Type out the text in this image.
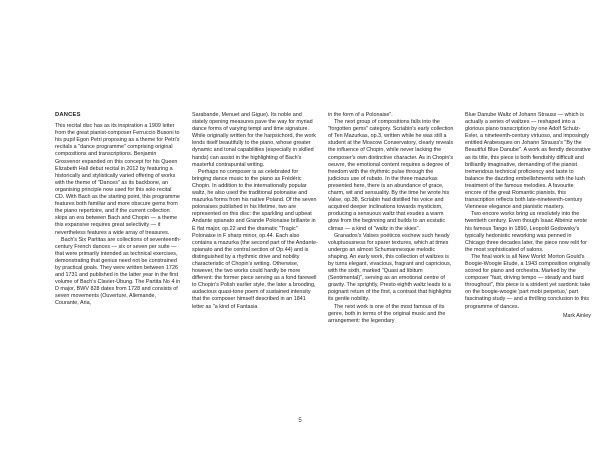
DANCES

This recital disc has as its inspiration a 1909 letter from the great pianist-composer Ferruccio Busoni to his pupil Egon Petri proposing as a theme for Petri's recitals a "dance programme" comprising original compositions and transcriptions. Benjamin Grosvenor expanded on this concept for his Queen Elizabeth Hall debut recital in 2012 by featuring a historically and stylistically varied offering of works with the theme of "Dances" as its backbone, an organising principle now used for this solo recital CD. With Bach as the starting point, this programme features both familiar and more obscure gems from the piano repertoire, and if the current collection skips an era between Bach and Chopin — a theme this expansive requires great selectivity — it nevertheless features a wide array of treasures.

Bach's Six Partitas are collections of seventeenth-century French dances — six or seven per suite — that were primarily intended as technical exercises, demonstrating that genius need not be constrained by practical goals. They were written between 1726 and 1731 and published in the latter year in the first volume of Bach's Clavier-Übung. The Partita No 4 in D major, BWV 828 dates from 1728 and consists of seven movements (Ouverture, Allemande, Courante, Aria,

Sarabande, Menuet and Gigue). Its noble and stately opening measures pave the way for myriad dance forms of varying tempi and time signature. While originally written for the harpsichord, the work lends itself beautifully to the piano, whose greater dynamic and tonal capabilities (especially in skilled hands) can assist in the highlighting of Bach's masterful contrapuntal writing.

Perhaps no composer is as celebrated for bringing dance music to the piano as Frédéric Chopin. In addition to the internationally popular waltz, he also used the traditional polonaise and mazurka forms from his native Poland. Of the seven polonaises published in his lifetime, two are represented on this disc: the sparkling and upbeat Andante spianato and Grande Polonaise brillante in E flat major, op.22 and the dramatic "Tragic" Polonaise in F sharp minor, op.44. Each also contains a mazurka (the second part of the Andante-spianato and the central section of Op.44) and is distinguished by a rhythmic drive and nobility characteristic of Chopin's writing. Otherwise, however, the two works could hardly be more different: the former piece serving as a fond farewell to Chopin's Polish earlier style, the later a brooding, audacious quasi-tone poem of sustained intensity that the composer himself described in an 1841 letter as "a kind of Fantasia

in the form of a Polonaise".

The next group of compositions falls into the "forgotten gems" category. Scriabin's early collection of Ten Mazurkas, op.3, written while he was still a student at the Moscow Conservatory, clearly reveals the influence of Chopin, while never lacking the composer's own distinctive character. As in Chopin's oeuvre, the emotional content requires a degree of freedom with the rhythmic pulse through the judicious use of rubato. In the three mazurkas presented here, there is an abundance of grace, charm, wit and sensuality. By the time he wrote his Valse, op.38, Scriabin had distilled his voice and acquired deeper inclinations towards mysticism, producing a sensuous waltz that exudes a warm glow from the beginning and builds to an ecstatic climax — a kind of "waltz in the skies".

Granados's Valses poéticos eschew such heady voluptuousness for sparer textures, which at times undergo an almost Schumannesque melodic shaping. An early work, this collection of waltzes is by turns elegant, vivacious, fragrant and capricious, with the sixth, marked "Quasi ad libitum (Sentimental)", serving as an emotional centre of gravity. The sprightly, Presto eighth waltz leads to a poignant return of the first, a contrast that highlights its gentle nobility.

The next work is one of the most famous of its genre, both in terms of the original music and the arrangement: the legendary

Blue Danube Waltz of Johann Strauss — which is actually a series of waltzes — reshaped into a glorious piano transcription by one Adolf Schulz-Evler, a nineteenth-century virtuoso, and imposingly entitled Arabesques on Johann Strauss's "By the Beautiful Blue Danube". A work as fiendly decorative as its title, this piece is both fiendishly difficult and brilliantly imaginative, demanding of the pianist tremendous technical proficiency and taste to balance the dazzling embellishments with the lush treatment of the famous melodies. A favourite encore of the great Romantic pianists, this transcription reflects both late-nineteenth-century Viennese elegance and pianistic mastery.

Two encore works bring us resolutely into the twentieth century. Even though Isaac Albéniz wrote his famous Tango in 1890, Leopold Godowsky's typically hedonistic reworking was penned in Chicago three decades later, the piece now relit for the most sophisticated of salons.

The final work is all New World: Morton Gould's Boogie-Woogie Etude, a 1943 composition originally scored for piano and orchestra. Marked by the composer "fast, driving tempo — steady and hard throughout", this piece is a strident yet sardonic take on the boogie-woogie 'part mobi perpetuo,' part fascinating study — and a thrilling conclusion to this programme of dances.

Mark Ainley

5
